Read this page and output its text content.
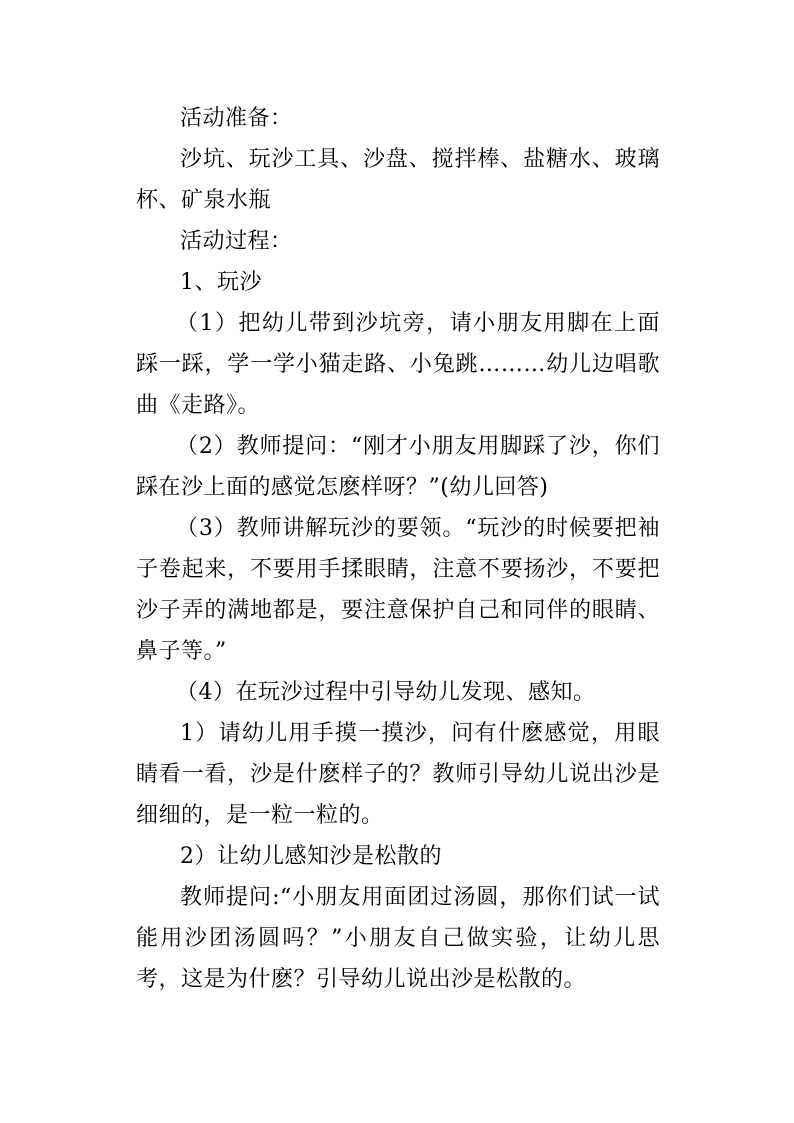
活动准备：

沙坑、玩沙工具、沙盘、搅拌棒、盐糖水、玻璃杯、矿泉水瓶

活动过程：

1、玩沙

（1）把幼儿带到沙坑旁，请小朋友用脚在上面踩一踩，学一学小猫走路、小兔跳………幼儿边唱歌曲《走路》。

（2）教师提问：“刚才小朋友用脚踩了沙，你们踩在沙上面的感觉怎麽样呀？”(幼儿回答)

（3）教师讲解玩沙的要领。“玩沙的时候要把袖子卷起来，不要用手揉眼睛，注意不要扬沙，不要把沙子弄的满地都是，要注意保护自己和同伴的眼睛、鼻子等。”

（4）在玩沙过程中引导幼儿发现、感知。

1）请幼儿用手摸一摸沙，问有什麽感觉，用眼睛看一看，沙是什麽样子的？教师引导幼儿说出沙是细细的，是一粒一粒的。

2）让幼儿感知沙是松散的

教师提问:“小朋友用面团过汤圆，那你们试一试能用沙团汤圆吗？”小朋友自己做实验，让幼儿思考，这是为什麽？引导幼儿说出沙是松散的。
